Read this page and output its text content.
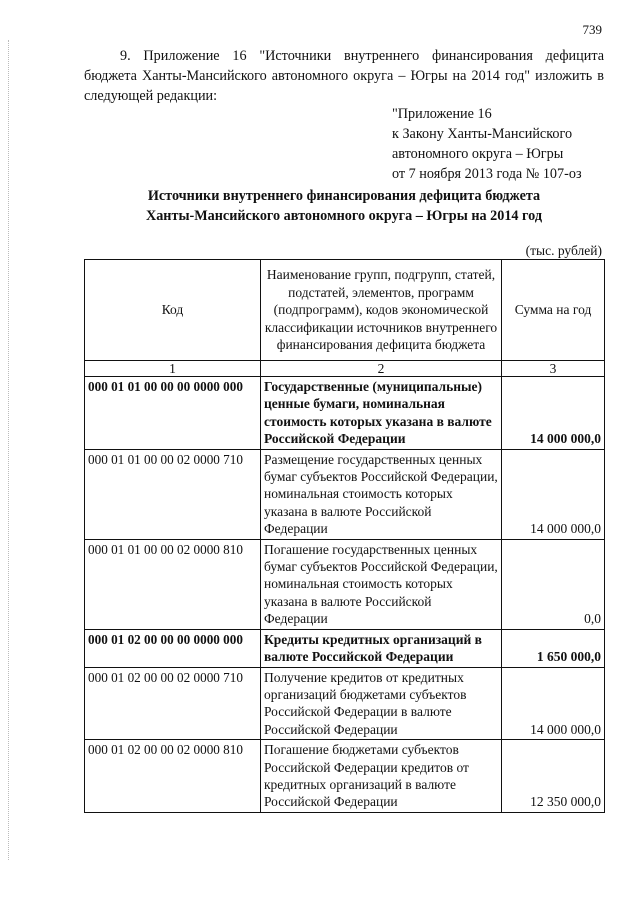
739
9. Приложение 16 "Источники внутреннего финансирования дефицита бюджета Ханты-Мансийского автономного округа – Югры на 2014 год" изложить в следующей редакции:
"Приложение 16
к Закону Ханты-Мансийского
автономного округа – Югры
от 7 ноября 2013 года № 107-оз
Источники внутреннего финансирования дефицита бюджета
Ханты-Мансийского автономного округа – Югры на 2014 год
(тыс. рублей)
Код	Наименование групп, подгрупп, статей, подстатей, элементов, программ (подпрограмм), кодов экономической классификации источников внутреннего финансирования дефицита бюджета	Сумма на год
1	2	3
000 01 01 00 00 00 0000 000	Государственные (муниципальные) ценные бумаги, номинальная стоимость которых указана в валюте Российской Федерации	14 000 000,0
000 01 01 00 00 02 0000 710	Размещение государственных ценных бумаг субъектов Российской Федерации, номинальная стоимость которых указана в валюте Российской Федерации	14 000 000,0
000 01 01 00 00 02 0000 810	Погашение государственных ценных бумаг субъектов Российской Федерации, номинальная стоимость которых указана в валюте Российской Федерации	0,0
000 01 02 00 00 00 0000 000	Кредиты кредитных организаций в валюте Российской Федерации	1 650 000,0
000 01 02 00 00 02 0000 710	Получение кредитов от кредитных организаций бюджетами субъектов Российской Федерации в валюте Российской Федерации	14 000 000,0
000 01 02 00 00 02 0000 810	Погашение бюджетами субъектов Российской Федерации кредитов от кредитных организаций в валюте Российской Федерации	12 350 000,0
